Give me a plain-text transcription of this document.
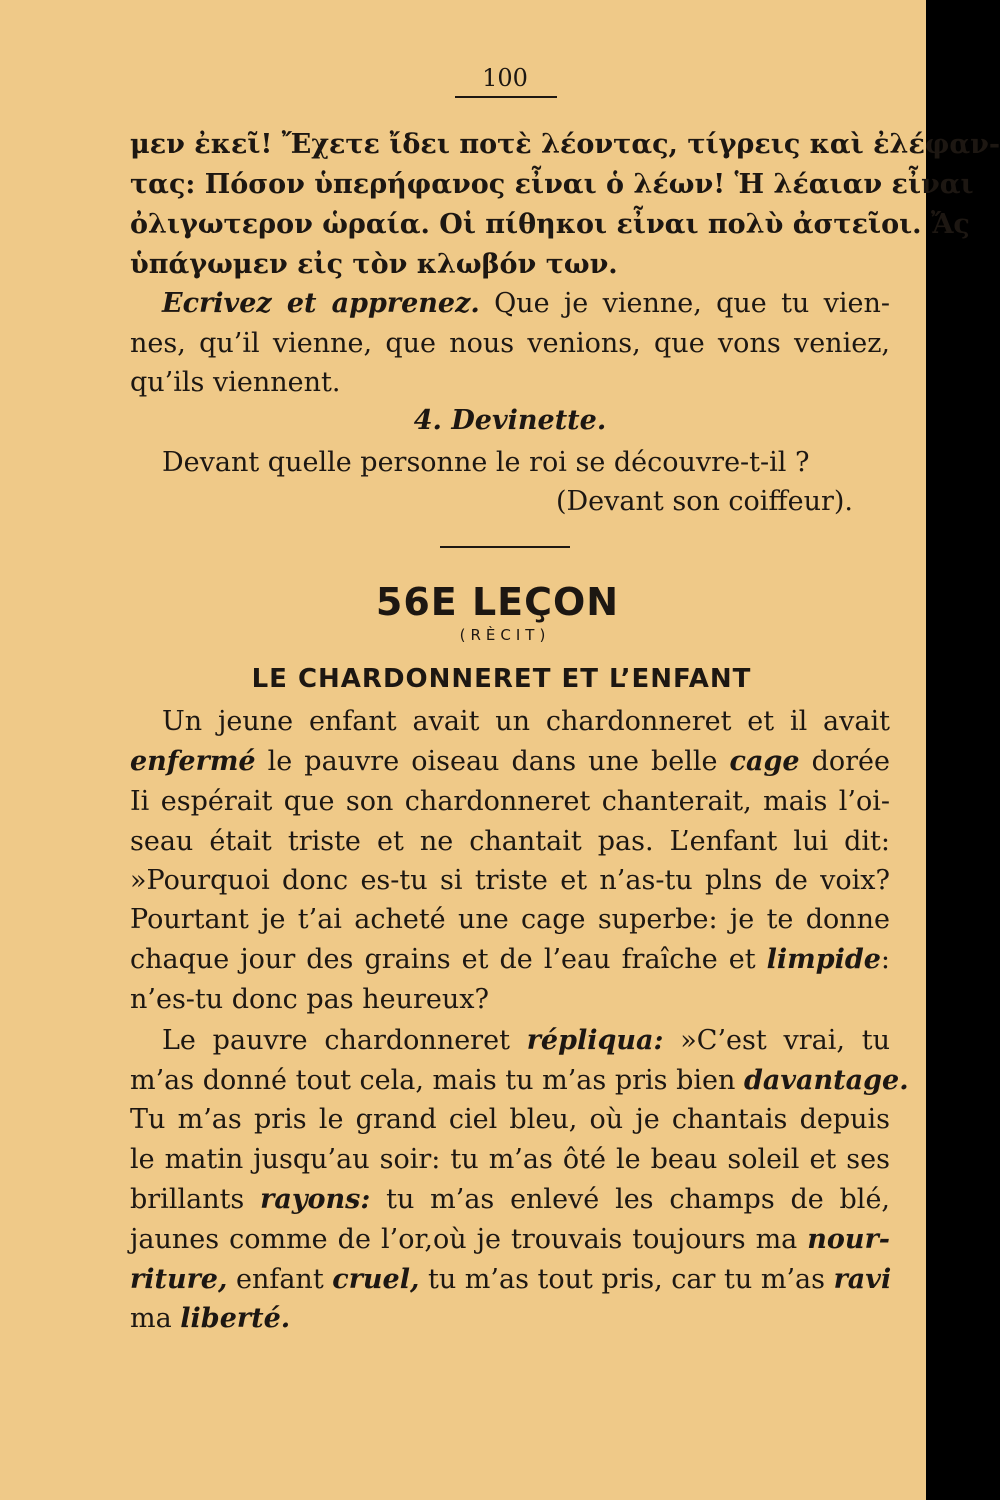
100

μεν ἐκεῖ! Ἔχετε ἴδει ποτὲ λέοντας, τίγρεις καὶ ἐλέφαν-

τας: Πόσον ὑπερήφανος εἶναι ὁ λέων! Ἡ λέαιαν εἶναι

ὀλιγωτερον ὡραία. Οἱ πίθηκοι εἶναι πολὺ ἀστεῖοι. Ἄς

ὑπάγωμεν εἰς τὸν κλωβόν των.

Ecrivez et apprenez. Que je vienne, que tu vien-

nes, qu’il vienne, que nous venions, que vons veniez,

qu’ils viennent.

4. Devinette.

Devant quelle personne le roi se découvre-t-il ?

(Devant son coiffeur).

56E LEÇON
(RÈCIT)
LE CHARDONNERET ET L’ENFANT

Un jeune enfant avait un chardonneret et il avait

enfermé le pauvre oiseau dans une belle cage dorée

Ii espérait que son chardonneret chanterait, mais l’oi-

seau était triste et ne chantait pas. L’enfant lui dit:

»Pourquoi donc es-tu si triste et n’as-tu plns de voix?

Pourtant je t’ai acheté une cage superbe: je te donne

chaque jour des grains et de l’eau fraîche et limpide:

n’es-tu donc pas heureux?

Le pauvre chardonneret répliqua: »C’est vrai, tu

m’as donné tout cela, mais tu m’as pris bien davantage.

Tu m’as pris le grand ciel bleu, où je chantais depuis

le matin jusqu’au soir: tu m’as ôté le beau soleil et ses

brillants rayons: tu m’as enlevé les champs de blé,

jaunes comme de l’or,où je trouvais toujours ma nour-

riture, enfant cruel, tu m’as tout pris, car tu m’as ravi

ma liberté.
